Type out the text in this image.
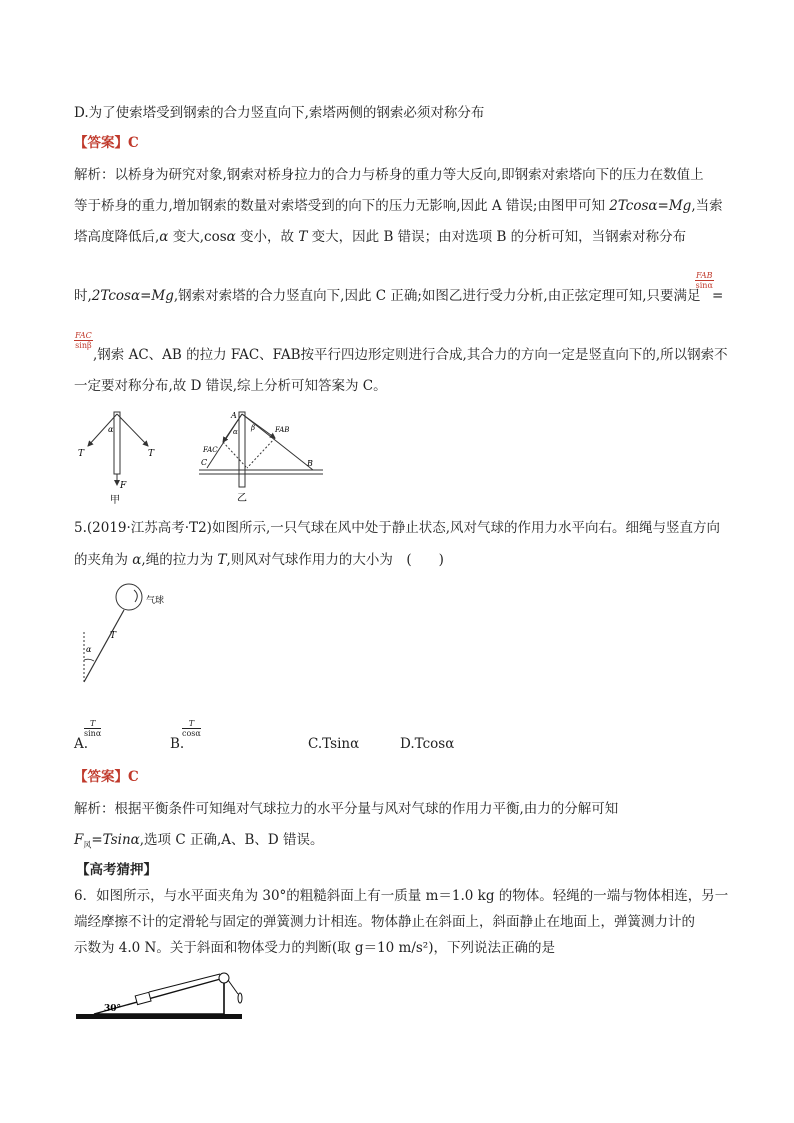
D.为了使索塔受到钢索的合力竖直向下,索塔两侧的钢索必须对称分布
【答案】C
解析：以桥身为研究对象,钢索对桥身拉力的合力与桥身的重力等大反向,即钢索对索塔向下的压力在数值上
等于桥身的重力,增加钢索的数量对索塔受到的向下的压力无影响,因此 A 错误;由图甲可知 2Tcosα=Mg,当索
塔高度降低后,α 变大,cosα 变小，故 T 变大，因此 B 错误；由对选项 B 的分析可知，当钢索对称分布
时,2Tcosα=Mg,钢索对索塔的合力竖直向下,因此 C 正确;如图乙进行受力分析,由正弦定理可知,只要满足
$\frac{\text{FAB}}{\sin\alpha}$
=
$\frac{\text{FAC}}{\sin\beta}$
,钢索 AC、AB 的拉力 FAC、FAB按平行四边形定则进行合成,其合力的方向一定是竖直向下的,所以钢索不
一定要对称分布,故 D 错误,综上分析可知答案为 C。
T	T
F
α
甲
A
B
C
β
α
FAC
FAB
乙
5.(2019·江苏高考·T2)如图所示,一只气球在风中处于静止状态,风对气球的作用力水平向右。细绳与竖直方向
的夹角为 α,绳的拉力为 T,则风对气球作用力的大小为　(　　)
气球
T
α
A.
$\frac{T}{\sin\alpha}$
B.
$\frac{T}{\cos\alpha}$
C.Tsinα	D.Tcosα
【答案】C
解析：根据平衡条件可知绳对气球拉力的水平分量与风对气球的作用力平衡,由力的分解可知
$F_风=Tsin\alpha$,选项 C 正确,A、B、D 错误。
【高考猜押】
6．如图所示，与水平面夹角为 30°的粗糙斜面上有一质量 m＝1.0 kg 的物体。轻绳的一端与物体相连，另一
端经摩擦不计的定滑轮与固定的弹簧测力计相连。物体静止在斜面上，斜面静止在地面上，弹簧测力计的
示数为 4.0 N。关于斜面和物体受力的判断(取 g＝10 m/s²)，下列说法正确的是
30°
